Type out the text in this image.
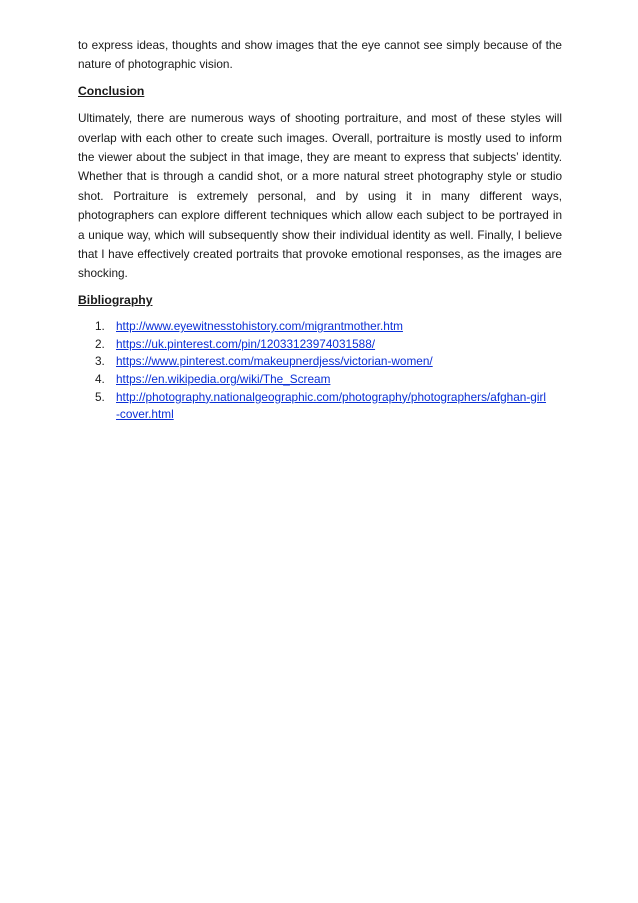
to express ideas, thoughts and show images that the eye cannot see simply because of the nature of photographic vision.

Conclusion

Ultimately, there are numerous ways of shooting portraiture, and most of these styles will overlap with each other to create such images. Overall, portraiture is mostly used to inform the viewer about the subject in that image, they are meant to express that subjects’ identity. Whether that is through a candid shot, or a more natural street photography style or studio shot. Portraiture is extremely personal, and by using it in many different ways, photographers can explore different techniques which allow each subject to be portrayed in a unique way, which will subsequently show their individual identity as well. Finally, I believe that I have effectively created portraits that provoke emotional responses, as the images are shocking.

Bibliography

1. http://www.eyewitnesstohistory.com/migrantmother.htm
2. https://uk.pinterest.com/pin/12033123974031588/
3. https://www.pinterest.com/makeupnerdjess/victorian-women/
4. https://en.wikipedia.org/wiki/The_Scream
5. http://photography.nationalgeographic.com/photography/photographers/afghan-girl-cover.html
